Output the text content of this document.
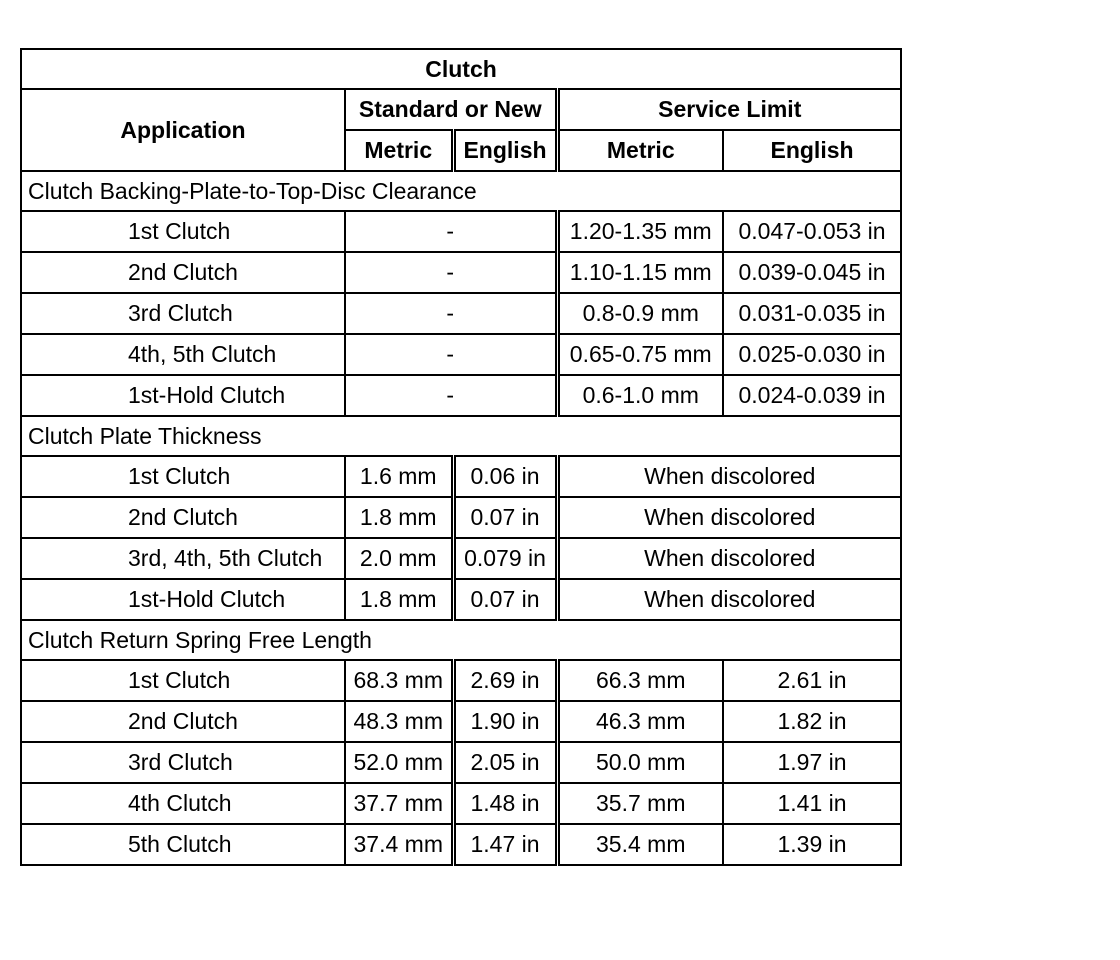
Clutch				
Application	Standard or New		Service Limit	
	Metric	English	Metric	English
Clutch Backing-Plate-to-Top-Disc Clearance				
1st Clutch	-		1.20-1.35 mm	0.047-0.053 in
2nd Clutch	-		1.10-1.15 mm	0.039-0.045 in
3rd Clutch	-		0.8-0.9 mm	0.031-0.035 in
4th, 5th Clutch	-		0.65-0.75 mm	0.025-0.030 in
1st-Hold Clutch	-		0.6-1.0 mm	0.024-0.039 in
Clutch Plate Thickness				
1st Clutch	1.6 mm	0.06 in	When discolored	
2nd Clutch	1.8 mm	0.07 in	When discolored	
3rd, 4th, 5th Clutch	2.0 mm	0.079 in	When discolored	
1st-Hold Clutch	1.8 mm	0.07 in	When discolored	
Clutch Return Spring Free Length				
1st Clutch	68.3 mm	2.69 in	66.3 mm	2.61 in
2nd Clutch	48.3 mm	1.90 in	46.3 mm	1.82 in
3rd Clutch	52.0 mm	2.05 in	50.0 mm	1.97 in
4th Clutch	37.7 mm	1.48 in	35.7 mm	1.41 in
5th Clutch	37.4 mm	1.47 in	35.4 mm	1.39 in
